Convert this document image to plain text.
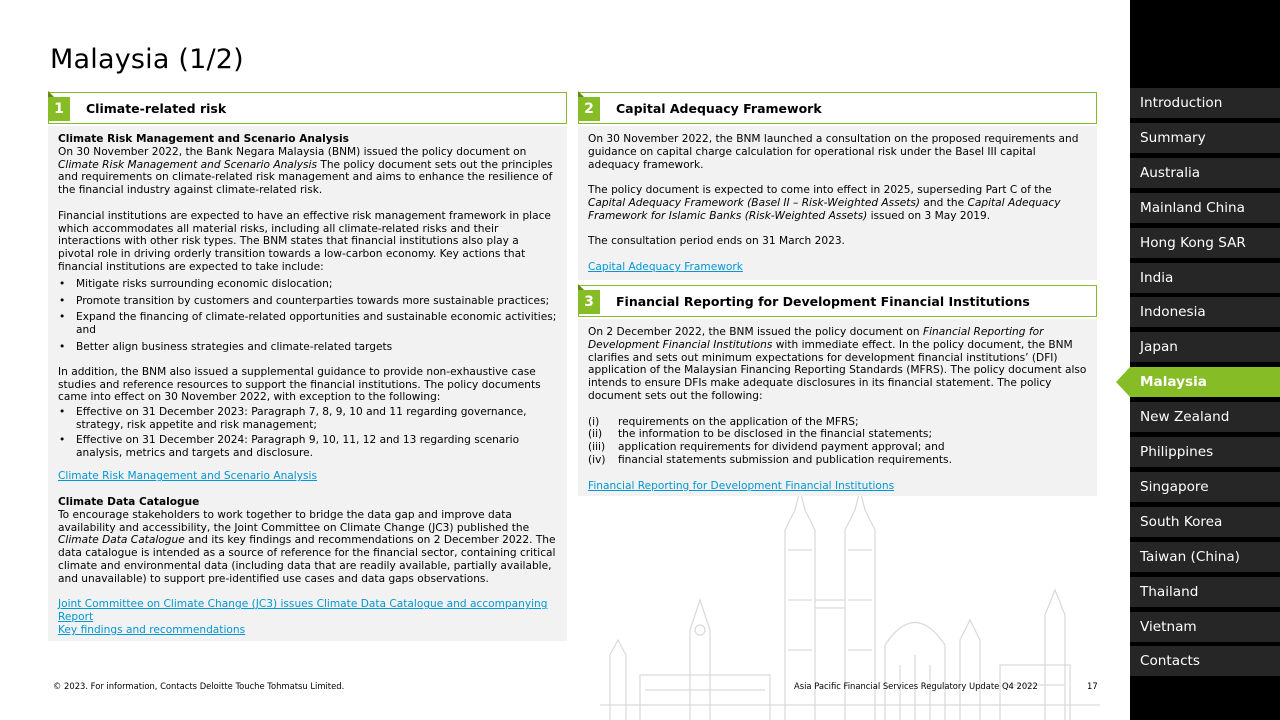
Malaysia (1/2)
1	Climate-related risk

Climate Risk Management and Scenario Analysis

On 30 November 2022, the Bank Negara Malaysia (BNM) issued the policy document on Climate Risk Management and Scenario Analysis The policy document sets out the principles and requirements on climate-related risk management and aims to enhance the resilience of the financial industry against climate-related risk.

Financial institutions are expected to have an effective risk management framework in place which accommodates all material risks, including all climate-related risks and their interactions with other risk types. The BNM states that financial institutions also play a pivotal role in driving orderly transition towards a low-carbon economy. Key actions that financial institutions are expected to take include:

• Mitigate risks surrounding economic dislocation;
• Promote transition by customers and counterparties towards more sustainable practices;
• Expand the financing of climate-related opportunities and sustainable economic activities; and
• Better align business strategies and climate-related targets

In addition, the BNM also issued a supplemental guidance to provide non-exhaustive case studies and reference resources to support the financial institutions. The policy documents came into effect on 30 November 2022, with exception to the following:

• Effective on 31 December 2023: Paragraph 7, 8, 9, 10 and 11 regarding governance, strategy, risk appetite and risk management;
• Effective on 31 December 2024: Paragraph 9, 10, 11, 12 and 13 regarding scenario analysis, metrics and targets and disclosure.

Climate Risk Management and Scenario Analysis

Climate Data Catalogue

To encourage stakeholders to work together to bridge the data gap and improve data availability and accessibility, the Joint Committee on Climate Change (JC3) published the Climate Data Catalogue and its key findings and recommendations on 2 December 2022. The data catalogue is intended as a source of reference for the financial sector, containing critical climate and environmental data (including data that are readily available, partially available, and unavailable) to support pre-identified use cases and data gaps observations.

Joint Committee on Climate Change (JC3) issues Climate Data Catalogue and accompanying Report

Key findings and recommendations

2	Capital Adequacy Framework

On 30 November 2022, the BNM launched a consultation on the proposed requirements and guidance on capital charge calculation for operational risk under the Basel III capital adequacy framework.

The policy document is expected to come into effect in 2025, superseding Part C of the Capital Adequacy Framework (Basel II – Risk-Weighted Assets) and the Capital Adequacy Framework for Islamic Banks (Risk-Weighted Assets) issued on 3 May 2019.

The consultation period ends on 31 March 2023.

Capital Adequacy Framework

3	Financial Reporting for Development Financial Institutions

On 2 December 2022, the BNM issued the policy document on Financial Reporting for Development Financial Institutions with immediate effect. In the policy document, the BNM clarifies and sets out minimum expectations for development financial institutions’ (DFI) application of the Malaysian Financing Reporting Standards (MFRS). The policy document also intends to ensure DFIs make adequate disclosures in its financial statement. The policy document sets out the following:

(i)	requirements on the application of the MFRS;
(ii)	the information to be disclosed in the financial statements;
(iii)	application requirements for dividend payment approval; and
(iv)	financial statements submission and publication requirements.

Financial Reporting for Development Financial Institutions

© 2023. For information, Contacts Deloitte Touche Tohmatsu Limited.	Asia Pacific Financial Services Regulatory Update Q4 2022	17
Introduction
Summary
Australia
Mainland China
Hong Kong SAR
India
Indonesia
Japan
Malaysia
New Zealand
Philippines
Singapore
South Korea
Taiwan (China)
Thailand
Vietnam
Contacts
